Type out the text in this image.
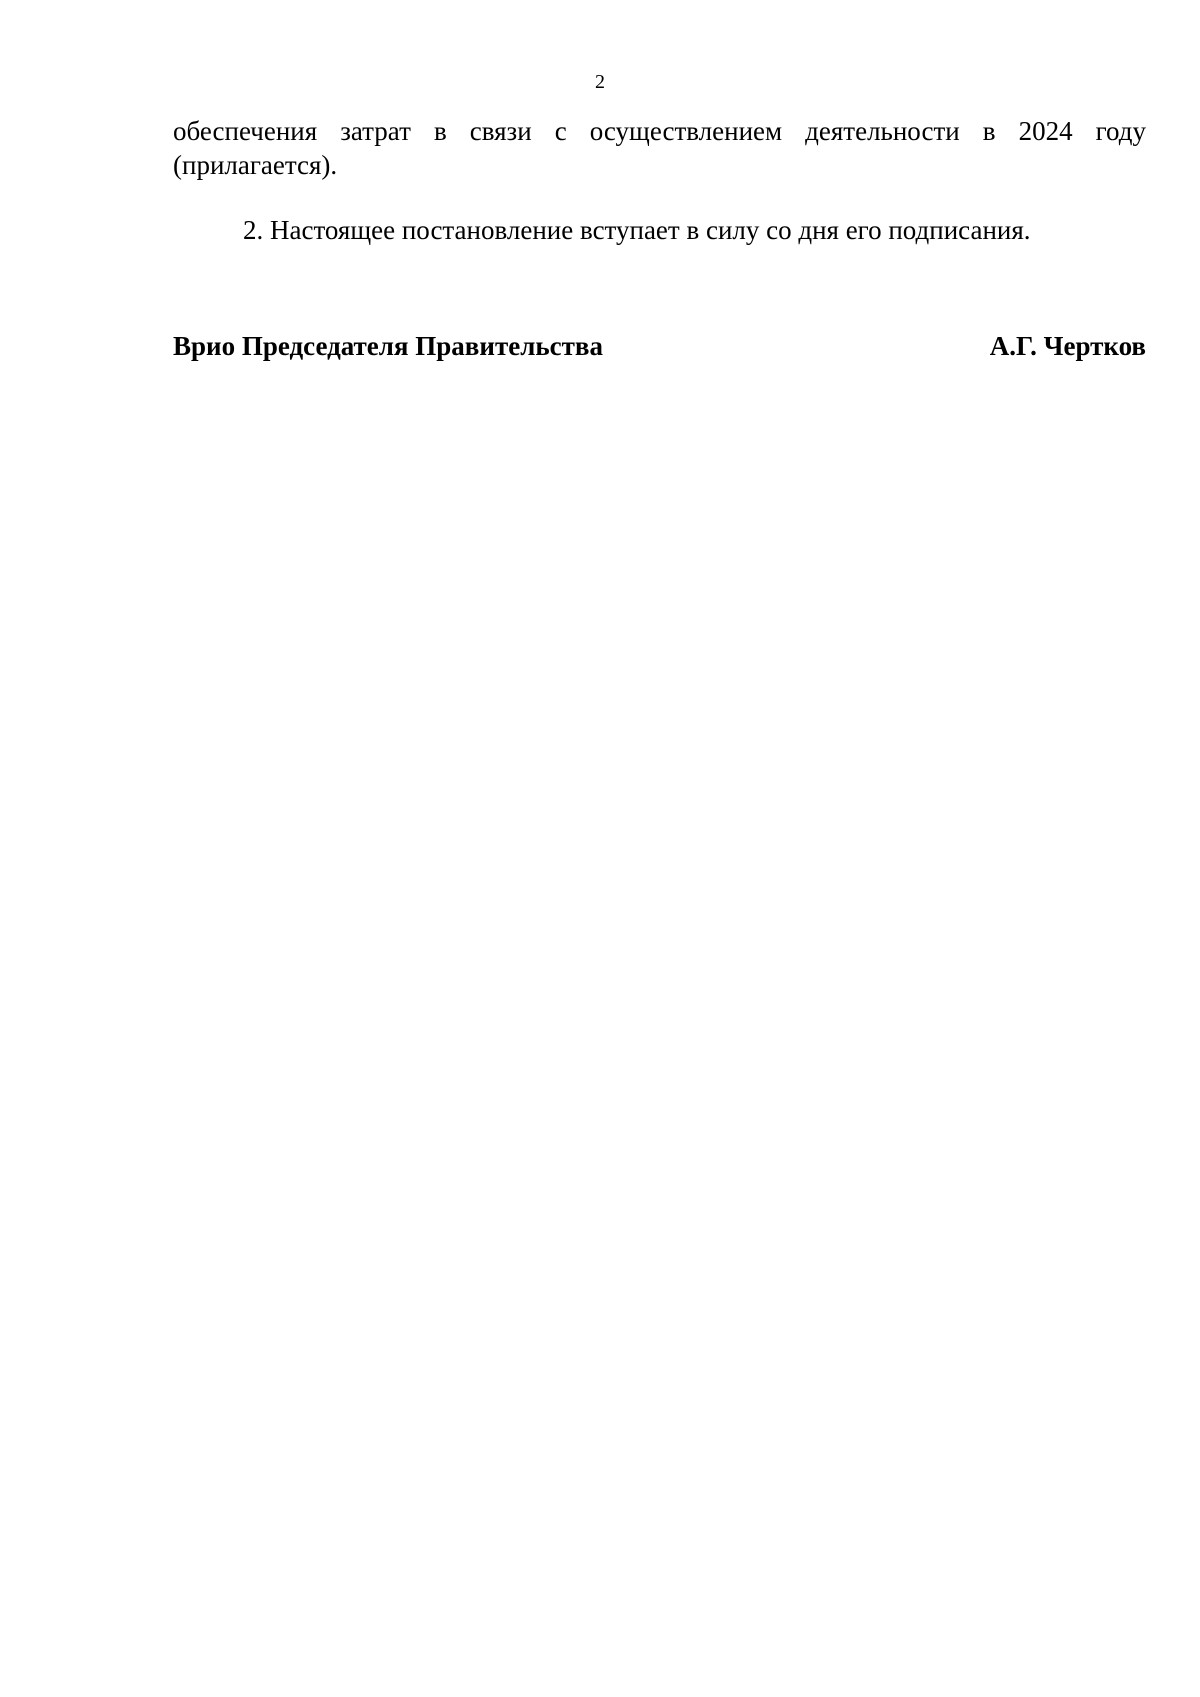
2
обеспечения затрат в связи с осуществлением деятельности в 2024 году
(прилагается).
2. Настоящее постановление вступает в силу со дня его подписания.
Врио Председателя Правительства	А.Г. Чертков
